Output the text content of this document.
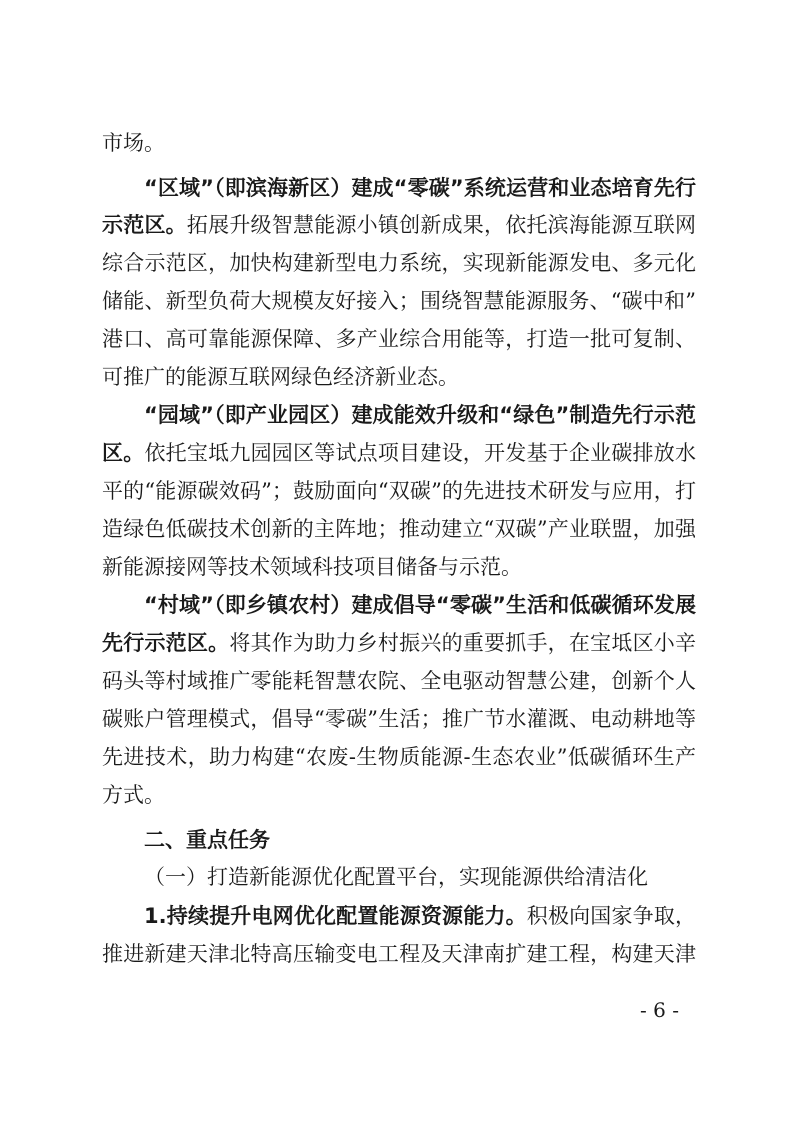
市场。
“区域”（即滨海新区）建成“零碳”系统运营和业态培育先行
示范区。拓展升级智慧能源小镇创新成果，依托滨海能源互联网
综合示范区，加快构建新型电力系统，实现新能源发电、多元化
储能、新型负荷大规模友好接入；围绕智慧能源服务、“碳中和”
港口、高可靠能源保障、多产业综合用能等，打造一批可复制、
可推广的能源互联网绿色经济新业态。
“园域”（即产业园区）建成能效升级和“绿色”制造先行示范
区。依托宝坻九园园区等试点项目建设，开发基于企业碳排放水
平的“能源碳效码”；鼓励面向“双碳”的先进技术研发与应用，打
造绿色低碳技术创新的主阵地；推动建立“双碳”产业联盟，加强
新能源接网等技术领域科技项目储备与示范。
“村域”（即乡镇农村）建成倡导“零碳”生活和低碳循环发展
先行示范区。将其作为助力乡村振兴的重要抓手，在宝坻区小辛
码头等村域推广零能耗智慧农院、全电驱动智慧公建，创新个人
碳账户管理模式，倡导“零碳”生活；推广节水灌溉、电动耕地等
先进技术，助力构建“农废-生物质能源-生态农业”低碳循环生产
方式。
二、重点任务
（一）打造新能源优化配置平台，实现能源供给清洁化
1.持续提升电网优化配置能源资源能力。积极向国家争取，
推进新建天津北特高压输变电工程及天津南扩建工程，构建天津
- 6 -
